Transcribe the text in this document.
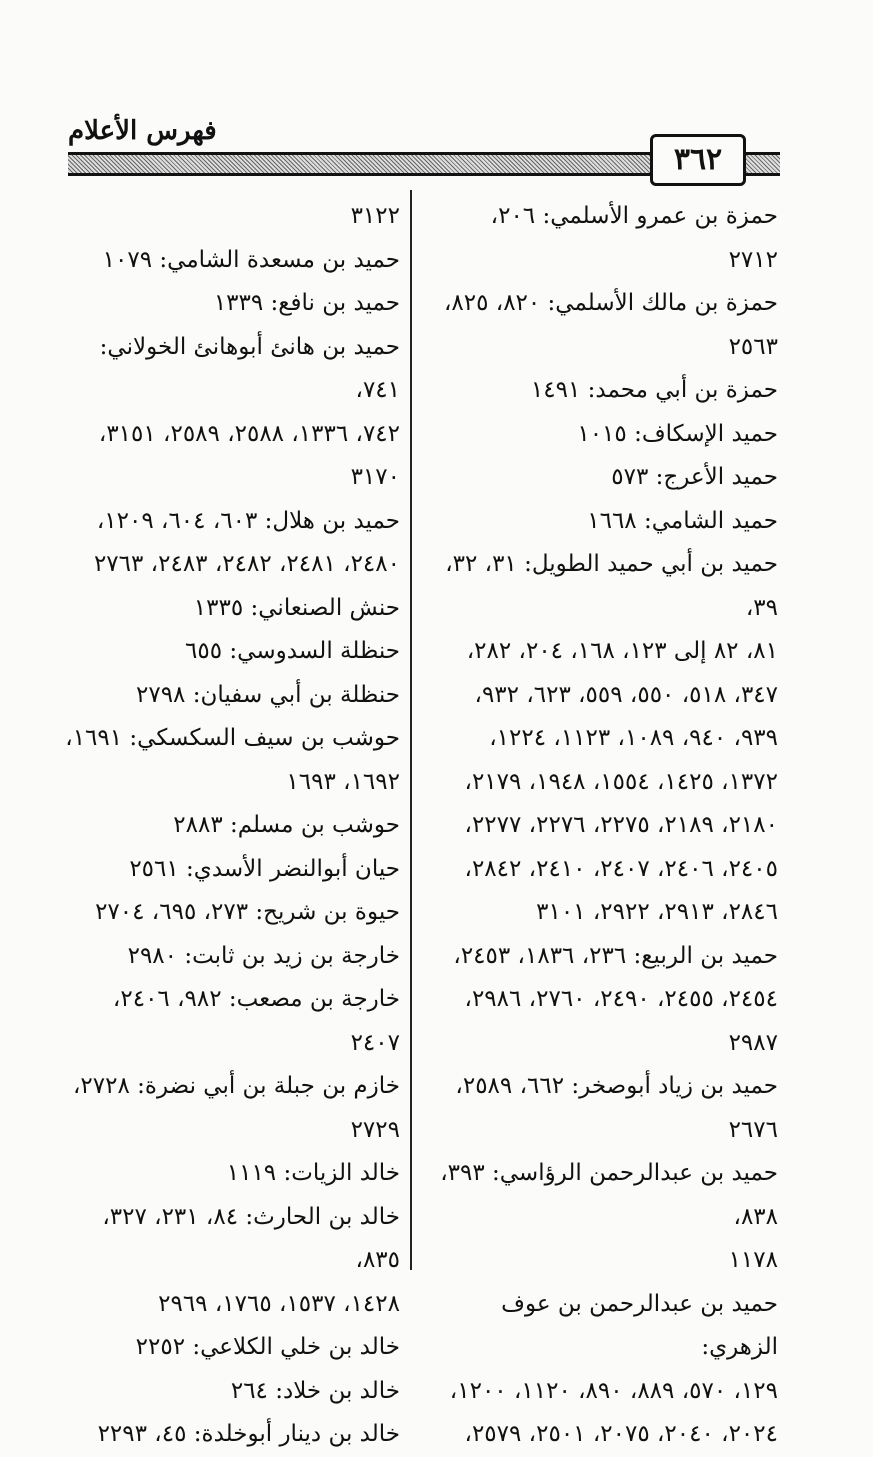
فهرس الأعلام
٣٦٢
حمزة بن عمرو الأسلمي: ٢٠٦، ٢٧١٢
حمزة بن مالك الأسلمي: ٨٢٠، ٨٢٥،
٢٥٦٣
حمزة بن أبي محمد: ١٤٩١
حميد الإسكاف: ١٠١٥
حميد الأعرج: ٥٧٣
حميد الشامي: ١٦٦٨
حميد بن أبي حميد الطويل: ٣١، ٣٢، ٣٩،
٨١، ٨٢ إلى ١٢٣، ١٦٨، ٢٠٤، ٢٨٢،
٣٤٧، ٥١٨، ٥٥٠، ٥٥٩، ٦٢٣، ٩٣٢،
٩٣٩، ٩٤٠، ١٠٨٩، ١١٢٣، ١٢٢٤،
١٣٧٢، ١٤٢٥، ١٥٥٤، ١٩٤٨، ٢١٧٩،
٢١٨٠، ٢١٨٩، ٢٢٧٥، ٢٢٧٦، ٢٢٧٧،
٢٤٠٥، ٢٤٠٦، ٢٤٠٧، ٢٤١٠، ٢٨٤٢،
٢٨٤٦، ٢٩١٣، ٢٩٢٢، ٣١٠١
حميد بن الربيع: ٢٣٦، ١٨٣٦، ٢٤٥٣،
٢٤٥٤، ٢٤٥٥، ٢٤٩٠، ٢٧٦٠، ٢٩٨٦،
٢٩٨٧
حميد بن زياد أبوصخر: ٦٦٢، ٢٥٨٩،
٢٦٧٦
حميد بن عبدالرحمن الرؤاسي: ٣٩٣، ٨٣٨،
١١٧٨
حميد بن عبدالرحمن بن عوف الزهري:
١٢٩، ٥٧٠، ٨٨٩، ٨٩٠، ١١٢٠، ١٢٠٠،
٢٠٢٤، ٢٠٤٠، ٢٠٧٥، ٢٥٠١، ٢٥٧٩،
٣١٢٢
حميد بن مسعدة الشامي: ١٠٧٩
حميد بن نافع: ١٣٣٩
حميد بن هانئ أبوهانئ الخولاني: ٧٤١،
٧٤٢، ١٣٣٦، ٢٥٨٨، ٢٥٨٩، ٣١٥١،
٣١٧٠
حميد بن هلال: ٦٠٣، ٦٠٤، ١٢٠٩،
٢٤٨٠، ٢٤٨١، ٢٤٨٢، ٢٤٨٣، ٢٧٦٣
حنش الصنعاني: ١٣٣٥
حنظلة السدوسي: ٦٥٥
حنظلة بن أبي سفيان: ٢٧٩٨
حوشب بن سيف السكسكي: ١٦٩١،
١٦٩٢، ١٦٩٣
حوشب بن مسلم: ٢٨٨٣
حيان أبوالنضر الأسدي: ٢٥٦١
حيوة بن شريح: ٢٧٣، ٦٩٥، ٢٧٠٤
خارجة بن زيد بن ثابت: ٢٩٨٠
خارجة بن مصعب: ٩٨٢، ٢٤٠٦، ٢٤٠٧
خازم بن جبلة بن أبي نضرة: ٢٧٢٨، ٢٧٢٩
خالد الزيات: ١١١٩
خالد بن الحارث: ٨٤، ٢٣١، ٣٢٧، ٨٣٥،
١٤٢٨، ١٥٣٧، ١٧٦٥، ٢٩٦٩
خالد بن خلي الكلاعي: ٢٢٥٢
خالد بن خلاد: ٢٦٤
خالد بن دينار أبوخلدة: ٤٥، ٢٢٩٣
